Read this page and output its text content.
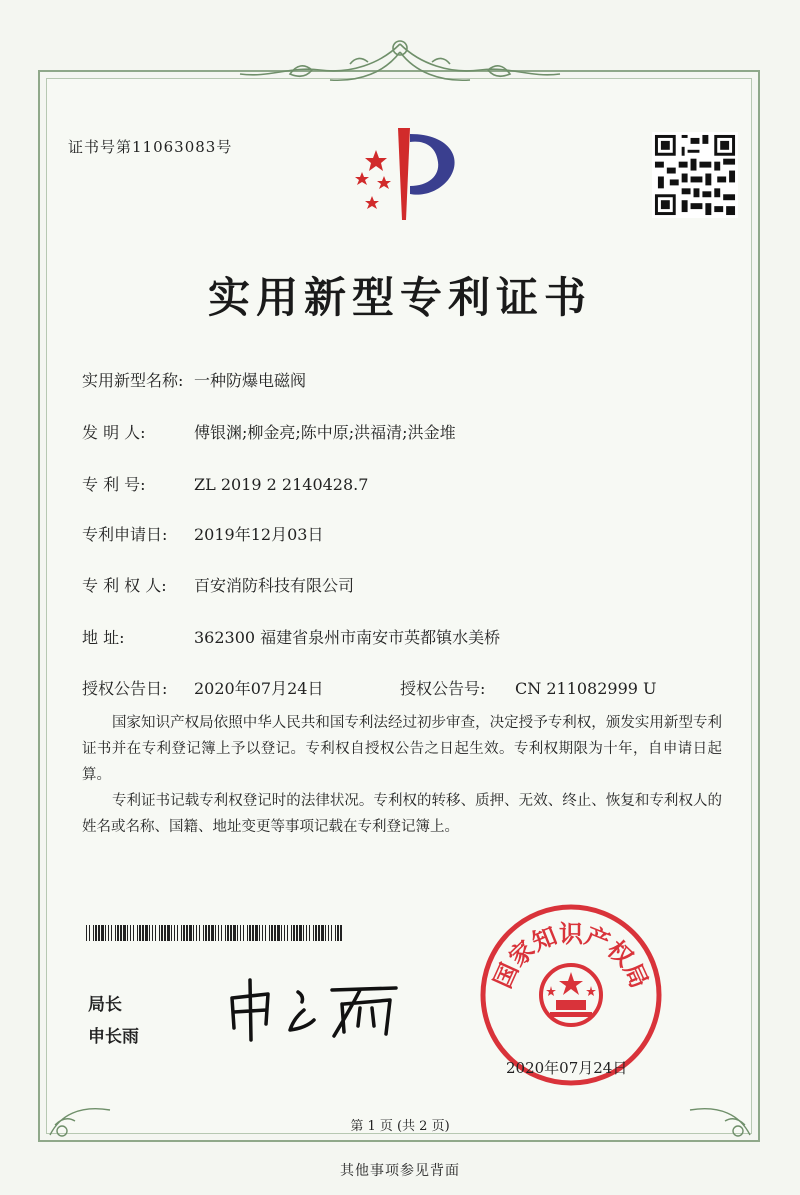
证书号第11063083号
实用新型专利证书
实用新型名称: 一种防爆电磁阀
发 明 人:	傅银渊;柳金亮;陈中原;洪福清;洪金堆
专 利 号:	ZL 2019 2 2140428.7
专利申请日: 2019年12月03日
专 利 权 人: 百安消防科技有限公司
地 址:	362300 福建省泉州市南安市英都镇水美桥
授权公告日: 2020年07月24日	授权公告号: CN 211082999 U
国家知识产权局依照中华人民共和国专利法经过初步审查，决定授予专利权，颁发实用新型专利证书并在专利登记簿上予以登记。专利权自授权公告之日起生效。专利权期限为十年，自申请日起算。
专利证书记载专利权登记时的法律状况。专利权的转移、质押、无效、终止、恢复和专利权人的姓名或名称、国籍、地址变更等事项记载在专利登记簿上。
局长
申长雨
国家知识产权局
2020年07月24日
第 1 页 (共 2 页)
其他事项参见背面
